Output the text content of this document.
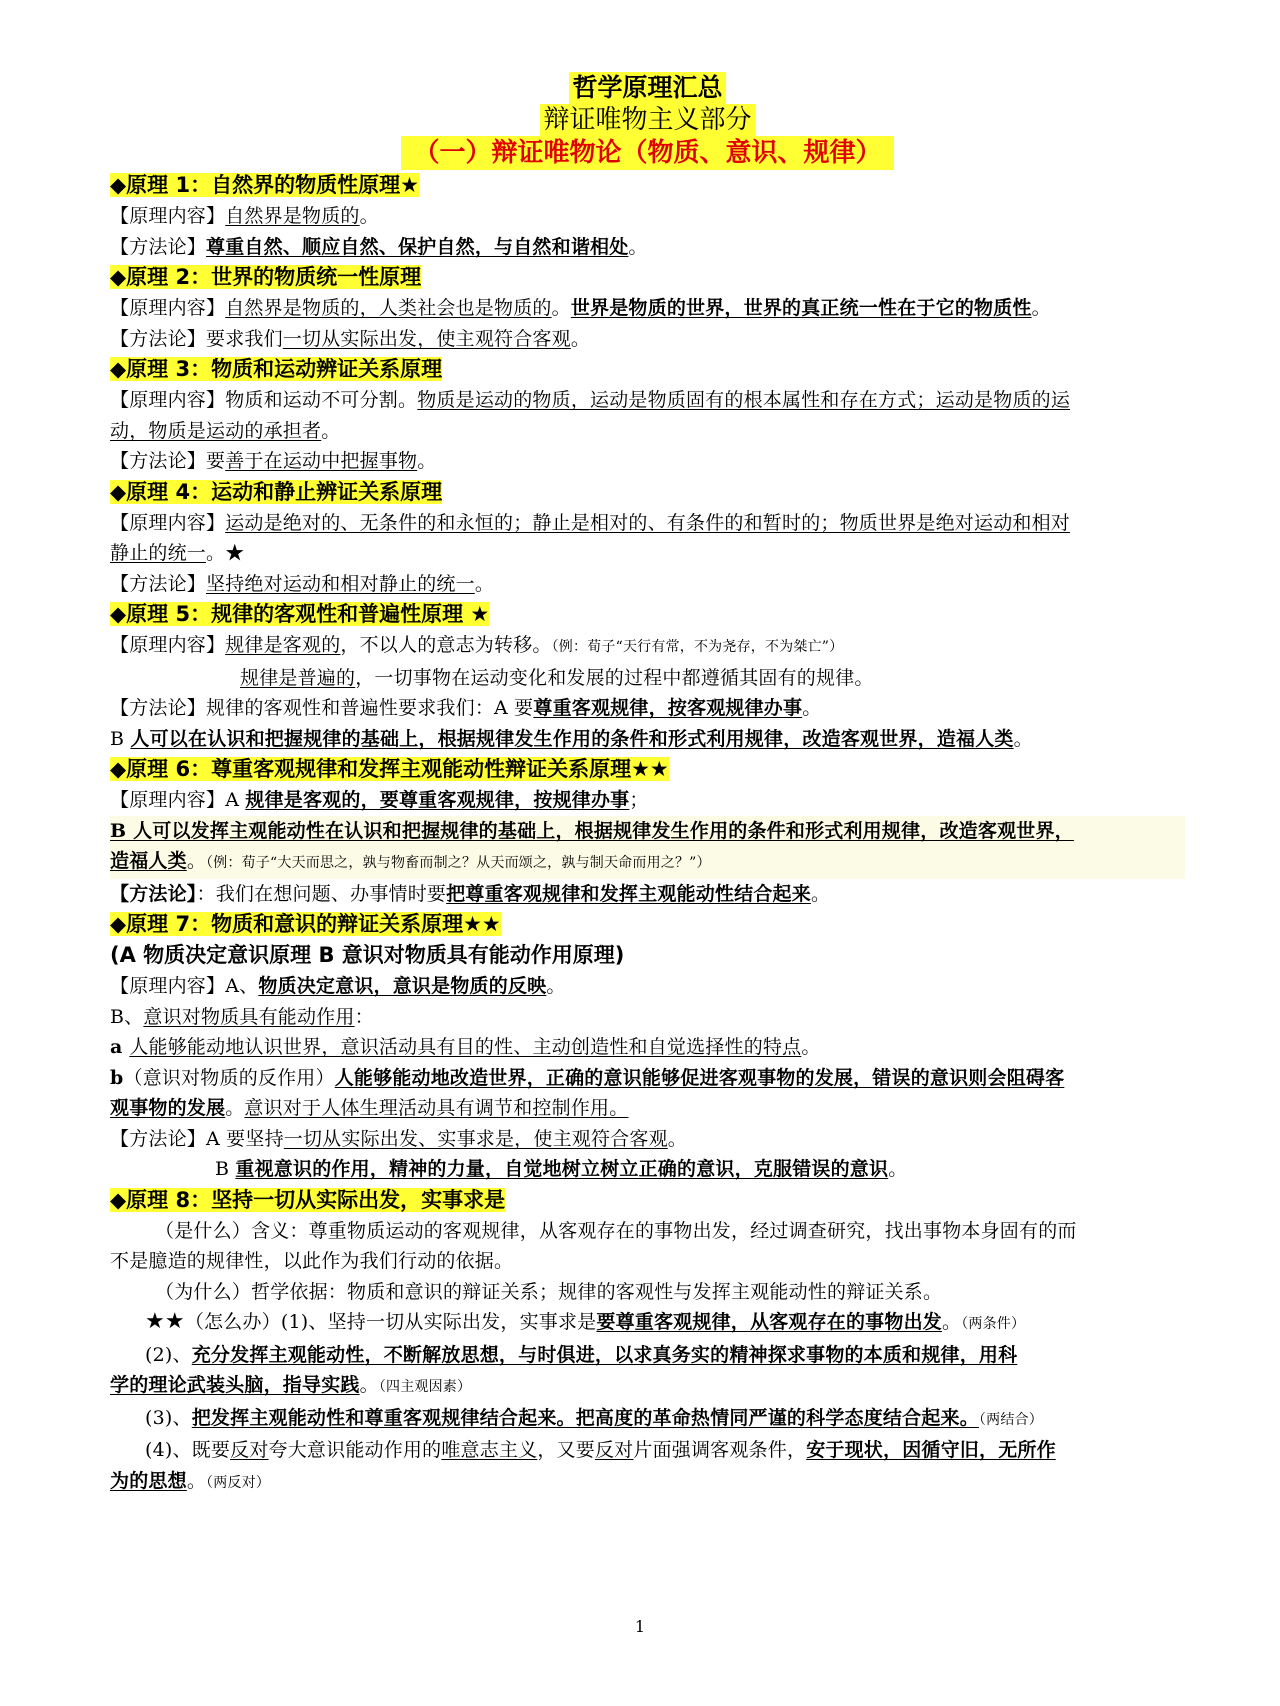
哲学原理汇总
辩证唯物主义部分
（一）辩证唯物论（物质、意识、规律）
◆原理 1：自然界的物质性原理★
【原理内容】自然界是物质的。
【方法论】尊重自然、顺应自然、保护自然，与自然和谐相处。
◆原理 2：世界的物质统一性原理
【原理内容】自然界是物质的，人类社会也是物质的。世界是物质的世界，世界的真正统一性在于它的物质性。
【方法论】要求我们一切从实际出发，使主观符合客观。
◆原理 3：物质和运动辨证关系原理
【原理内容】物质和运动不可分割。物质是运动的物质，运动是物质固有的根本属性和存在方式；运动是物质的运
动，物质是运动的承担者。
【方法论】要善于在运动中把握事物。
◆原理 4：运动和静止辨证关系原理
【原理内容】运动是绝对的、无条件的和永恒的；静止是相对的、有条件的和暂时的；物质世界是绝对运动和相对
静止的统一。★
【方法论】坚持绝对运动和相对静止的统一。
◆原理 5：规律的客观性和普遍性原理 ★
【原理内容】规律是客观的，不以人的意志为转移。（例：荀子“天行有常，不为尧存，不为桀亡”）
规律是普遍的，一切事物在运动变化和发展的过程中都遵循其固有的规律。
【方法论】规律的客观性和普遍性要求我们：A 要尊重客观规律，按客观规律办事。
B 人可以在认识和把握规律的基础上，根据规律发生作用的条件和形式利用规律，改造客观世界，造福人类。
◆原理 6：尊重客观规律和发挥主观能动性辩证关系原理★★
【原理内容】A 规律是客观的，要尊重客观规律，按规律办事；
B 人可以发挥主观能动性在认识和把握规律的基础上，根据规律发生作用的条件和形式利用规律，改造客观世界，
造福人类。（例：荀子“大天而思之，孰与物畜而制之？从天而颂之，孰与制天命而用之？”）
【方法论】：我们在想问题、办事情时要把尊重客观规律和发挥主观能动性结合起来。
◆原理 7：物质和意识的辩证关系原理★★
(A 物质决定意识原理 B 意识对物质具有能动作用原理)
【原理内容】A、物质决定意识，意识是物质的反映。
B、意识对物质具有能动作用：
a 人能够能动地认识世界，意识活动具有目的性、主动创造性和自觉选择性的特点。
b（意识对物质的反作用）人能够能动地改造世界，正确的意识能够促进客观事物的发展，错误的意识则会阻碍客
观事物的发展。意识对于人体生理活动具有调节和控制作用。
【方法论】A 要坚持一切从实际出发、实事求是，使主观符合客观。
B 重视意识的作用，精神的力量，自觉地树立树立正确的意识，克服错误的意识。
◆原理 8：坚持一切从实际出发，实事求是
（是什么）含义：尊重物质运动的客观规律，从客观存在的事物出发，经过调查研究，找出事物本身固有的而
不是臆造的规律性，以此作为我们行动的依据。
（为什么）哲学依据：物质和意识的辩证关系；规律的客观性与发挥主观能动性的辩证关系。
★★（怎么办）(1)、坚持一切从实际出发，实事求是要尊重客观规律，从客观存在的事物出发。（两条件）
(2)、充分发挥主观能动性，不断解放思想，与时俱进，以求真务实的精神探求事物的本质和规律，用科
学的理论武装头脑，指导实践。（四主观因素）
(3)、把发挥主观能动性和尊重客观规律结合起来。把高度的革命热情同严谨的科学态度结合起来。（两结合）
(4)、既要反对夸大意识能动作用的唯意志主义，又要反对片面强调客观条件，安于现状，因循守旧，无所作
为的思想。（两反对）
1
